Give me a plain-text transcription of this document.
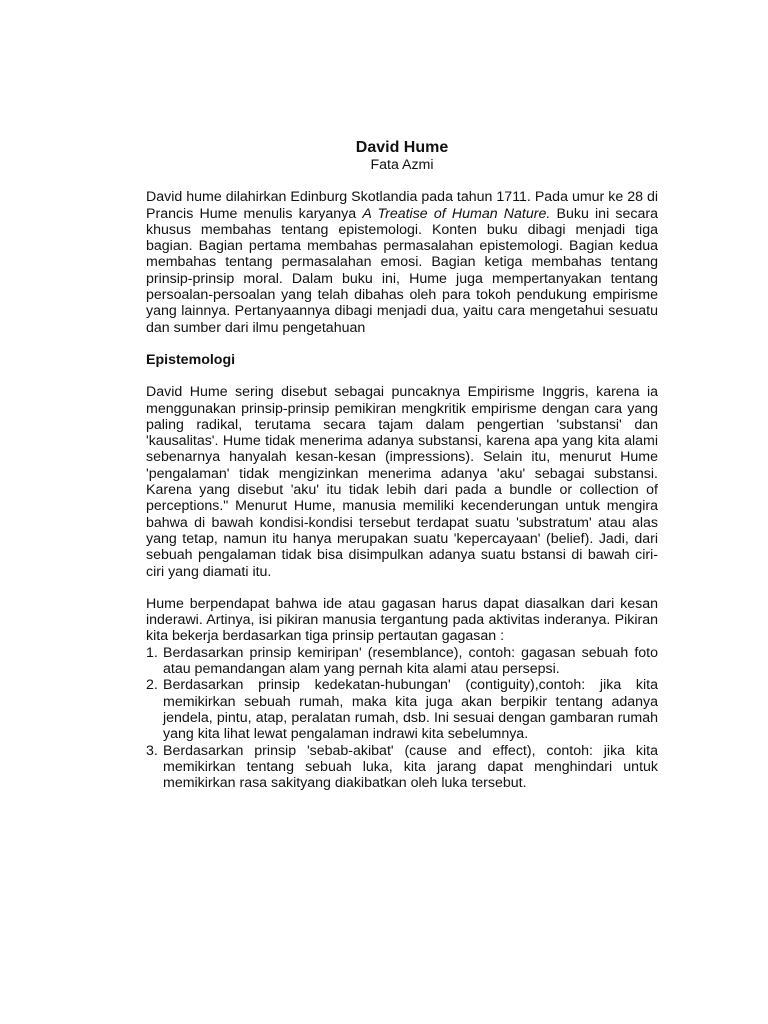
David Hume
Fata Azmi

David hume dilahirkan Edinburg Skotlandia pada tahun 1711. Pada umur ke 28 di Prancis Hume menulis karyanya A Treatise of Human Nature. Buku ini secara khusus membahas tentang epistemologi. Konten buku dibagi menjadi tiga bagian. Bagian pertama membahas permasalahan epistemologi. Bagian kedua membahas tentang permasalahan emosi. Bagian ketiga membahas tentang prinsip-prinsip moral. Dalam buku ini, Hume juga mempertanyakan tentang persoalan-persoalan yang telah dibahas oleh para tokoh pendukung empirisme yang lainnya. Pertanyaannya dibagi menjadi dua, yaitu cara mengetahui sesuatu dan sumber dari ilmu pengetahuan

Epistemologi

David Hume sering disebut sebagai puncaknya Empirisme Inggris, karena ia menggunakan prinsip-prinsip pemikiran mengkritik empirisme dengan cara yang paling radikal, terutama secara tajam dalam pengertian 'substansi' dan 'kausalitas'. Hume tidak menerima adanya substansi, karena apa yang kita alami sebenarnya hanyalah kesan-kesan (impressions). Selain itu, menurut Hume 'pengalaman' tidak mengizinkan menerima adanya 'aku' sebagai substansi. Karena yang disebut 'aku' itu tidak lebih dari pada a bundle or collection of perceptions." Menurut Hume, manusia memiliki kecenderungan untuk mengira bahwa di bawah kondisi-kondisi tersebut terdapat suatu 'substratum' atau alas yang tetap, namun itu hanya merupakan suatu 'kepercayaan' (belief). Jadi, dari sebuah pengalaman tidak bisa disimpulkan adanya suatu bstansi di bawah ciri- ciri yang diamati itu.

Hume berpendapat bahwa ide atau gagasan harus dapat diasalkan dari kesan inderawi. Artinya, isi pikiran manusia tergantung pada aktivitas inderanya. Pikiran kita bekerja berdasarkan tiga prinsip pertautan gagasan :
1. Berdasarkan prinsip kemiripan' (resemblance), contoh: gagasan sebuah foto atau pemandangan alam yang pernah kita alami atau persepsi.
2. Berdasarkan prinsip kedekatan-hubungan' (contiguity),contoh: jika kita memikirkan sebuah rumah, maka kita juga akan berpikir tentang adanya jendela, pintu, atap, peralatan rumah, dsb. Ini sesuai dengan gambaran rumah yang kita lihat lewat pengalaman indrawi kita sebelumnya.
3. Berdasarkan prinsip 'sebab-akibat' (cause and effect), contoh: jika kita memikirkan tentang sebuah luka, kita jarang dapat menghindari untuk memikirkan rasa sakityang diakibatkan oleh luka tersebut.
